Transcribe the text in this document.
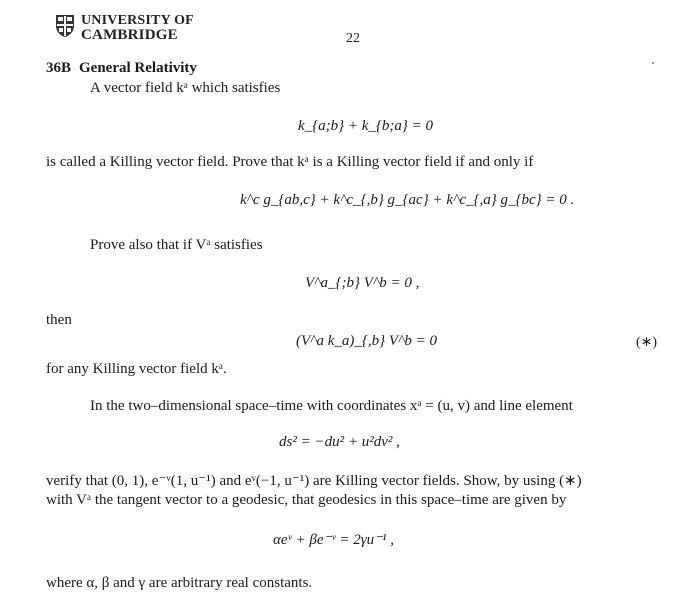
UNIVERSITY OF
CAMBRIDGE	22
36B General Relativity
A vector field kᵃ which satisfies
k_{a;b} + k_{b;a} = 0
is called a Killing vector field. Prove that kᵃ is a Killing vector field if and only if
k^c g_{ab,c} + k^c_{,b} g_{ac} + k^c_{,a} g_{bc} = 0 .
Prove also that if Vᵃ satisfies
V^a_{;b} V^b = 0 ,
then
(V^a k_a)_{,b} V^b = 0	(∗)
for any Killing vector field kᵃ.
In the two–dimensional space–time with coordinates xᵃ = (u, v) and line element
ds² = −du² + u²dv² ,
verify that (0, 1), e⁻ᵛ(1, u⁻¹) and eᵛ(−1, u⁻¹) are Killing vector fields. Show, by using (∗)
with Vᵃ the tangent vector to a geodesic, that geodesics in this space–time are given by
αeᵛ + βe⁻ᵛ = 2γu⁻¹ ,
where α, β and γ are arbitrary real constants.
